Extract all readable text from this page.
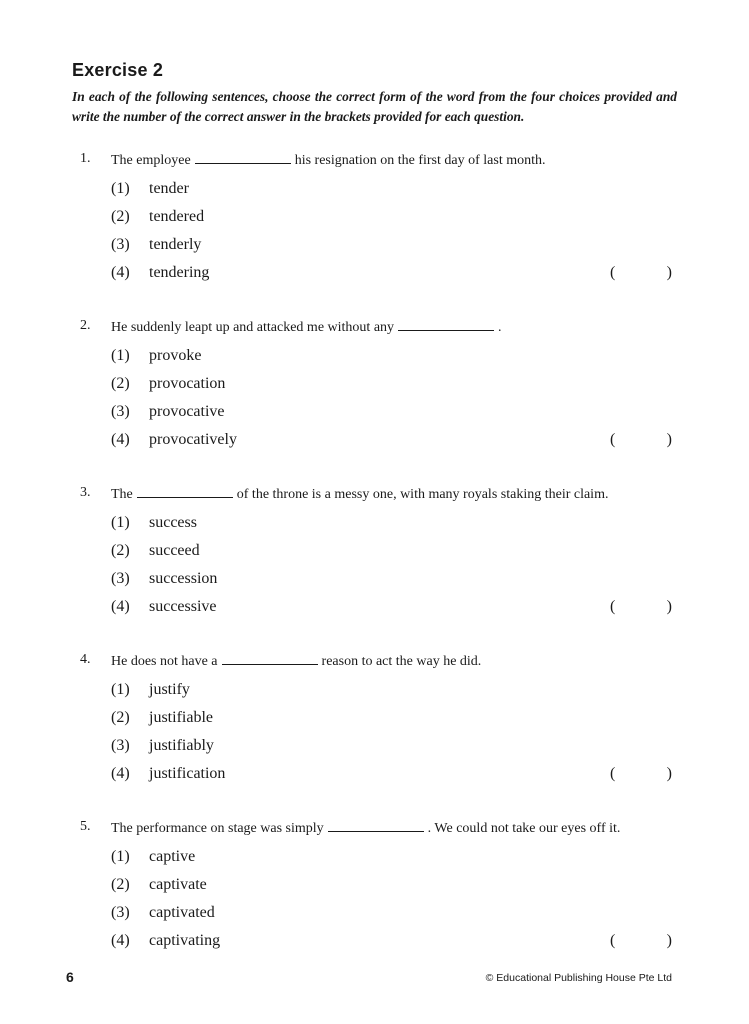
Exercise 2

In each of the following sentences, choose the correct form of the word from the four choices provided and write the number of the correct answer in the brackets provided for each question.

1. The employee	his resignation on the first day of last month.
(1) tender
(2) tendered
(3) tenderly
(4) tendering	(	)
2. He suddenly leapt up and attacked me without any	.
(1) provoke
(2) provocation
(3) provocative
(4) provocatively	(	)
3. The	of the throne is a messy one, with many royals staking their claim.
(1) success
(2) succeed
(3) succession
(4) successive	(	)
4. He does not have a	reason to act the way he did.
(1) justify
(2) justifiable
(3) justifiably
(4) justification	(	)
5. The performance on stage was simply	. We could not take our eyes off it.
(1) captive
(2) captivate
(3) captivated
(4) captivating	(	)
6	© Educational Publishing House Pte Ltd
